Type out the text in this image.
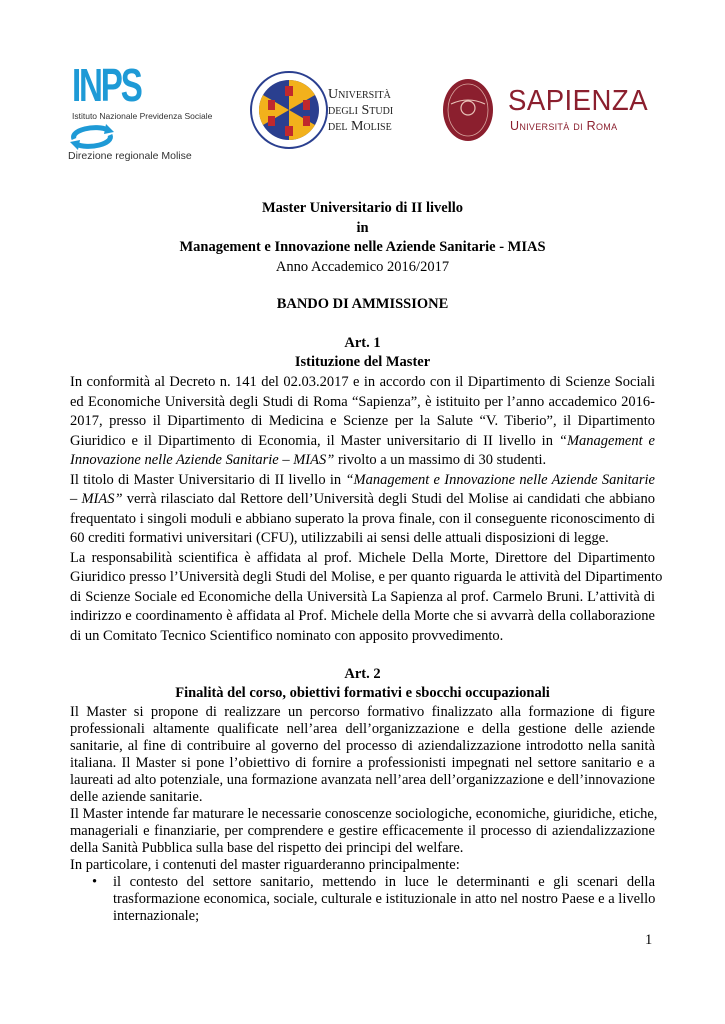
INPS
Istituto Nazionale Previdenza Sociale
Direzione regionale Molise
Università
degli Studi
del Molise
SAPIENZA
Università di Roma
Master Universitario di II livello
in
Management e Innovazione nelle Aziende Sanitarie - MIAS
Anno Accademico 2016/2017
BANDO DI AMMISSIONE
Art. 1
Istituzione del Master
In conformità al Decreto n. 141 del 02.03.2017 e in accordo con il Dipartimento di Scienze Sociali
ed Economiche Università degli Studi di Roma “Sapienza”, è istituito per l’anno accademico 2016-
2017, presso il Dipartimento di Medicina e Scienze per la Salute “V. Tiberio”, il Dipartimento
Giuridico e il Dipartimento di Economia, il Master universitario di II livello in “Management e
Innovazione nelle Aziende Sanitarie – MIAS” rivolto a un massimo di 30 studenti.
Il titolo di Master Universitario di II livello in “Management e Innovazione nelle Aziende Sanitarie
– MIAS” verrà rilasciato dal Rettore dell’Università degli Studi del Molise ai candidati che abbiano
frequentato i singoli moduli e abbiano superato la prova finale, con il conseguente riconoscimento di
60 crediti formativi universitari (CFU), utilizzabili ai sensi delle attuali disposizioni di legge.
La responsabilità scientifica è affidata al prof. Michele Della Morte, Direttore del Dipartimento
Giuridico presso l’Università degli Studi del Molise, e per quanto riguarda le attività del Dipartimento
di Scienze Sociale ed Economiche della Università La Sapienza al prof. Carmelo Bruni. L’attività di
indirizzo e coordinamento è affidata al Prof. Michele della Morte che si avvarrà della collaborazione
di un Comitato Tecnico Scientifico nominato con apposito provvedimento.
Art. 2
Finalità del corso, obiettivi formativi e sbocchi occupazionali
Il Master si propone di realizzare un percorso formativo finalizzato alla formazione di figure
professionali altamente qualificate nell’area dell’organizzazione e della gestione delle aziende
sanitarie, al fine di contribuire al governo del processo di aziendalizzazione introdotto nella sanità
italiana. Il Master si pone l’obiettivo di fornire a professionisti impegnati nel settore sanitario e a
laureati ad alto potenziale, una formazione avanzata nell’area dell’organizzazione e dell’innovazione
delle aziende sanitarie.
Il Master intende far maturare le necessarie conoscenze sociologiche, economiche, giuridiche, etiche,
manageriali e finanziarie, per comprendere e gestire efficacemente il processo di aziendalizzazione
della Sanità Pubblica sulla base del rispetto dei principi del welfare.
In particolare, i contenuti del master riguarderanno principalmente:
•	il contesto del settore sanitario, mettendo in luce le determinanti e gli scenari della
trasformazione economica, sociale, culturale e istituzionale in atto nel nostro Paese e a livello
internazionale;
1
